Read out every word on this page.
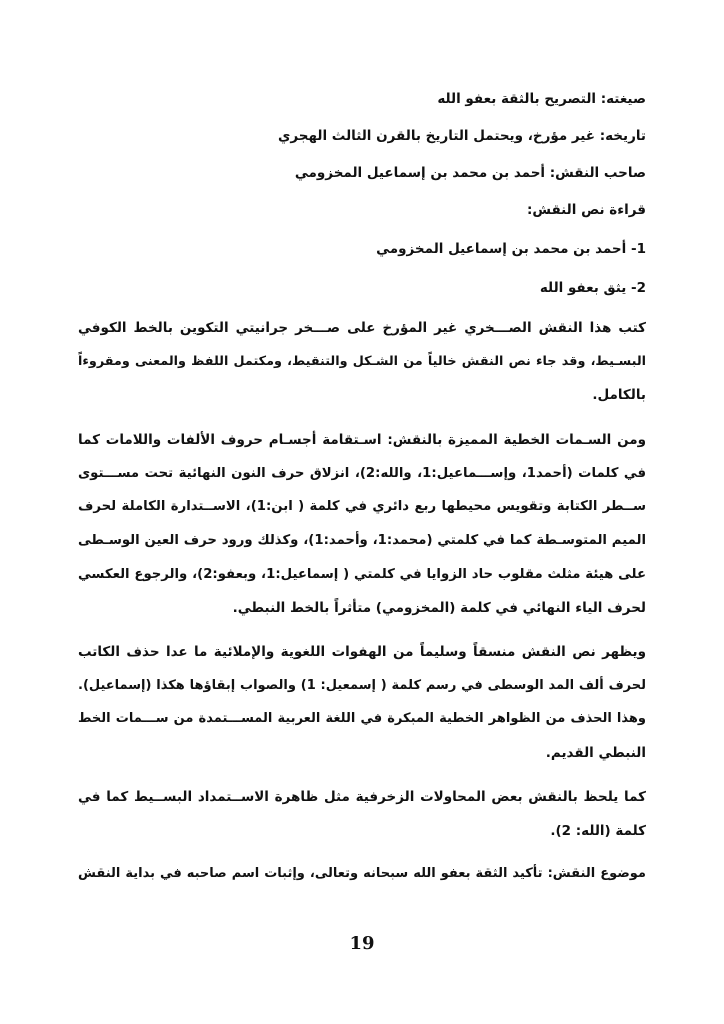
صيغته: التصريح بالثقة بعفو الله

تاريخه: غير مؤرخ، ويحتمل التاريخ بالقرن الثالث الهجري

صاحب النقش: أحمد بن محمد بن إسماعيل المخزومي

قراءة نص النقش:

1- أحمد بن محمد بن إسماعيل المخزومي

2- يثق بعفو الله

كتب هذا النقش الصـــخري غير المؤرخ على صـــخر جرانيتي التكوين بالخط الكوفي

البسـيط، وقد جاء نص النقش خالياً من الشـكل والتنقيط، ومكتمل اللفظ والمعنى ومقروءاً

بالكامل.

ومن السـمات الخطية المميزة بالنقش: اسـتقامة أجسـام حروف الألفات واللامات كما

في كلمات (أحمد1، وإســـماعيل:1، والله:2)، انزلاق حرف النون النهائية تحت مســـتوى

ســطر الكتابة وتقويس محيطها ربع دائري في كلمة ( ابن:1)، الاســتدارة الكاملة لحرف

الميم المتوسـطة كما في كلمتي (محمد:1، وأحمد:1)، وكذلك ورود حرف العين الوسـطى

على هيئة مثلث مقلوب حاد الزوايا في كلمتي ( إسماعيل:1، وبعفو:2)، والرجوع العكسي

لحرف الياء النهائي في كلمة (المخزومي) متأثراً بالخط النبطي.

ويظهر نص النقش منسقاً وسليماً من الهفوات اللغوية والإملائية ما عدا حذف الكاتب

لحرف ألف المد الوسطى في رسم كلمة ( إسمعيل: 1) والصواب إبقاؤها هكذا (إسماعيل).

وهذا الحذف من الظواهر الخطية المبكرة في اللغة العربية المســـتمدة من ســـمات الخط

النبطي القديم.

كما يلحظ بالنقش بعض المحاولات الزخرفية مثل ظاهرة الاســتمداد البســيط كما في

كلمة (الله: 2).

موضوع النقش: تأكيد الثقة بعفو الله سبحانه وتعالى، وإثبات اسم صاحبه في بداية النقش

19
